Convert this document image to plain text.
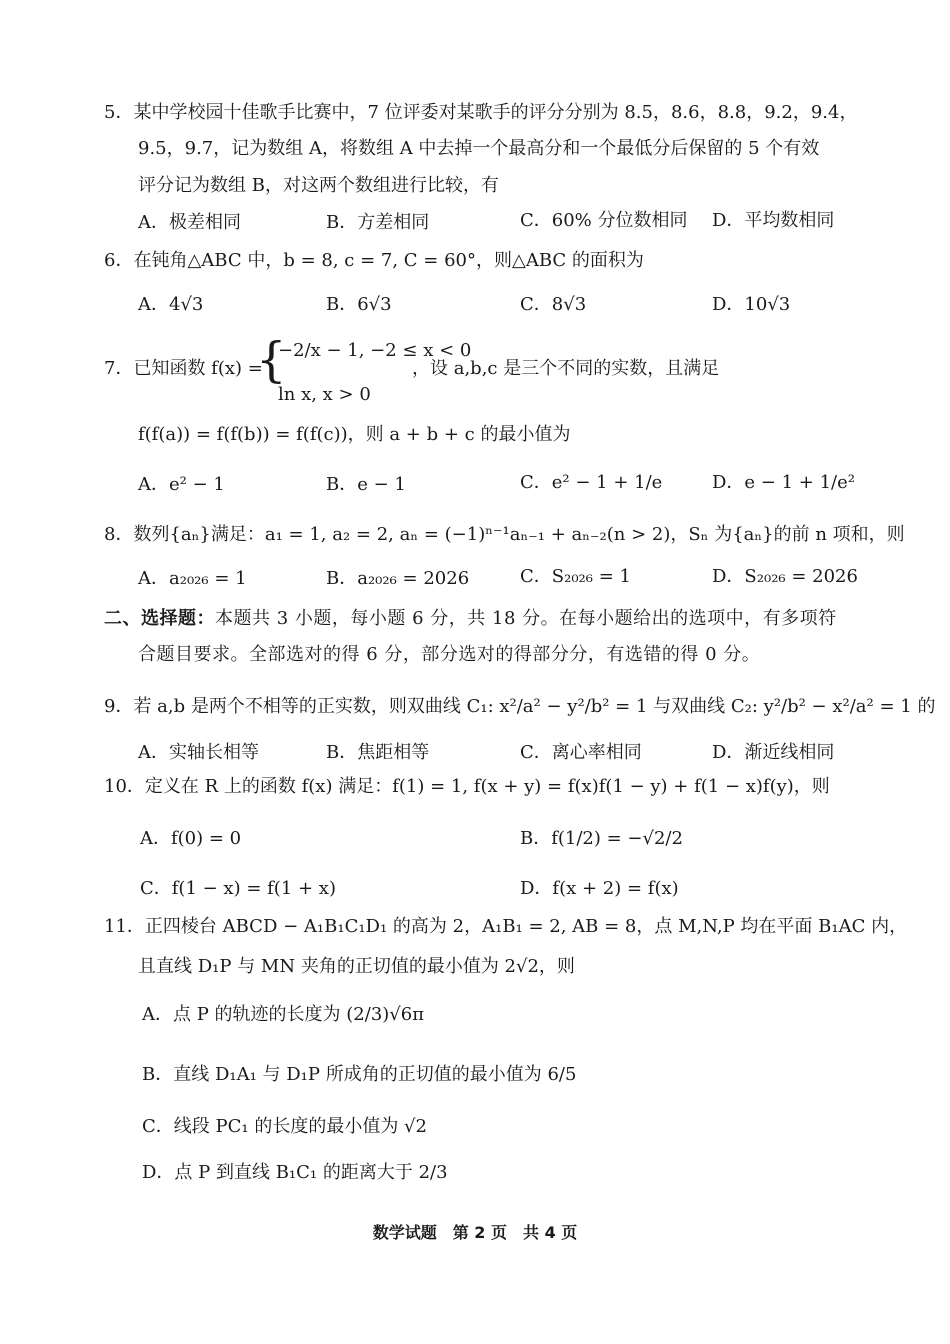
5．某中学校园十佳歌手比赛中，7 位评委对某歌手的评分分别为 8.5，8.6，8.8，9.2，9.4，
9.5，9.7，记为数组 A，将数组 A 中去掉一个最高分和一个最低分后保留的 5 个有效
评分记为数组 B，对这两个数组进行比较，有
A．极差相同	B．方差相同	C．60% 分位数相同 D．平均数相同
6．在钝角△ABC 中，b = 8, c = 7, C = 60°，则△ABC 的面积为
A．4√3	B．6√3	C．8√3	D．10√3
7．已知函数 f(x) =
{
−2/x − 1, −2 ≤ x < 0
ln x, x > 0
，设 a,b,c 是三个不同的实数，且满足
f(f(a)) = f(f(b)) = f(f(c))，则 a + b + c 的最小值为
A．e² − 1	B．e − 1	C．e² − 1 + 1/e	D．e − 1 + 1/e²
8．数列{aₙ}满足：a₁ = 1, a₂ = 2, aₙ = (−1)ⁿ⁻¹aₙ₋₁ + aₙ₋₂(n > 2)，Sₙ 为{aₙ}的前 n 项和，则
A．a₂₀₂₆ = 1	B．a₂₀₂₆ = 2026	C．S₂₀₂₆ = 1	D．S₂₀₂₆ = 2026
二、选择题：本题共 3 小题，每小题 6 分，共 18 分。在每小题给出的选项中，有多项符
合题目要求。全部选对的得 6 分，部分选对的得部分分，有选错的得 0 分。
9．若 a,b 是两个不相等的正实数，则双曲线 C₁: x²/a² − y²/b² = 1 与双曲线 C₂: y²/b² − x²/a² = 1 的
A．实轴长相等	B．焦距相等	C．离心率相同	D．渐近线相同
10．定义在 R 上的函数 f(x) 满足：f(1) = 1, f(x + y) = f(x)f(1 − y) + f(1 − x)f(y)，则
A．f(0) = 0	B．f(1/2) = −√2/2
C．f(1 − x) = f(1 + x)	D．f(x + 2) = f(x)
11．正四棱台 ABCD − A₁B₁C₁D₁ 的高为 2，A₁B₁ = 2, AB = 8，点 M,N,P 均在平面 B₁AC 内，
且直线 D₁P 与 MN 夹角的正切值的最小值为 2√2，则
A．点 P 的轨迹的长度为 (2/3)√6π
B．直线 D₁A₁ 与 D₁P 所成角的正切值的最小值为 6/5
C．线段 PC₁ 的长度的最小值为 √2
D．点 P 到直线 B₁C₁ 的距离大于 2/3
数学试题　第 2 页　共 4 页
